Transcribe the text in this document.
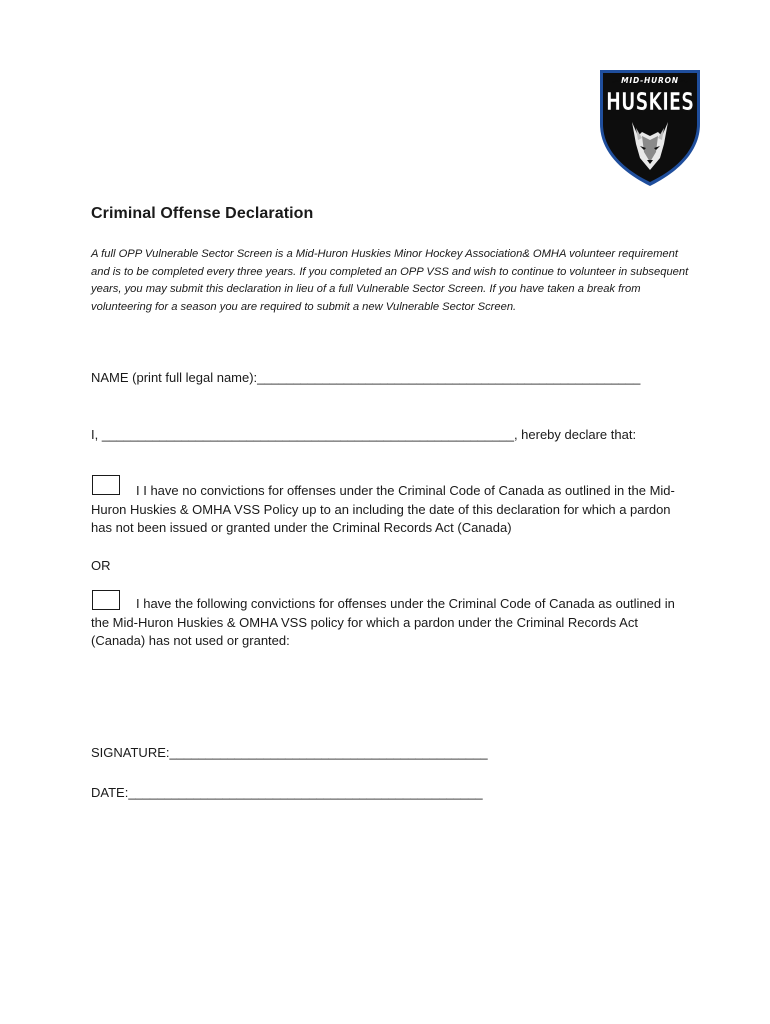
MID-HURON
HUSKIES
Criminal Offense Declaration

A full OPP Vulnerable Sector Screen is a Mid-Huron Huskies Minor Hockey Association& OMHA volunteer requirement and is to be completed every three years. If you completed an OPP VSS and wish to continue to volunteer in subsequent years, you may submit this declaration in lieu of a full Vulnerable Sector Screen. If you have taken a break from volunteering for a season you are required to submit a new Vulnerable Sector Screen.

NAME (print full legal name):_____________________________________________________

I, _________________________________________________________, hereby declare that:

I I have no convictions for offenses under the Criminal Code of Canada as outlined in the Mid-Huron Huskies & OMHA VSS Policy up to an including the date of this declaration for which a pardon has not been issued or granted under the Criminal Records Act (Canada)

OR

I have the following convictions for offenses under the Criminal Code of Canada as outlined in the Mid-Huron Huskies & OMHA VSS policy for which a pardon under the Criminal Records Act (Canada) has not used or granted:

SIGNATURE:____________________________________________

DATE:_________________________________________________
